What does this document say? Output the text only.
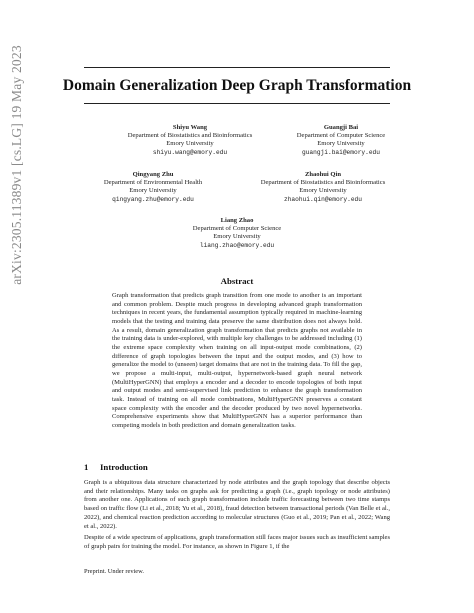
arXiv:2305.11389v1 [cs.LG] 19 May 2023	Domain Generalization Deep Graph Transformation
Shiyu Wang
Department of Biostatistics and Bioinformatics
Emory University
shiyu.wang@emory.edu
Guangji Bai
Department of Computer Science
Emory University
guangji.bai@emory.edu
Qingyang Zhu
Department of Environmental Health
Emory University
qingyang.zhu@emory.edu
Zhaohui Qin
Department of Biostatistics and Bioinformatics
Emory University
zhaohui.qin@emory.edu
Liang Zhao
Department of Computer Science
Emory University
liang.zhao@emory.edu
Abstract

Graph transformation that predicts graph transition from one mode to another is an important and common problem. Despite much progress in developing advanced graph transformation techniques in recent years, the fundamental assumption typically required in machine-learning models that the testing and training data preserve the same distribution does not always hold. As a result, domain generalization graph transformation that predicts graphs not available in the training data is under-explored, with multiple key challenges to be addressed including (1) the extreme space complexity when training on all input-output mode combinations, (2) difference of graph topologies between the input and the output modes, and (3) how to generalize the model to (unseen) target domains that are not in the training data. To fill the gap, we propose a multi-input, multi-output, hypernetwork-based graph neural network (MultiHyperGNN) that employs a encoder and a decoder to encode topologies of both input and output modes and semi-supervised link prediction to enhance the graph transformation task. Instead of training on all mode combinations, MultiHyperGNN preserves a constant space complexity with the encoder and the decoder produced by two novel hypernetworks. Comprehensive experiments show that MultiHyperGNN has a superior performance than competing models in both prediction and domain generalization tasks.

1 Introduction

Graph is a ubiquitous data structure characterized by node attributes and the graph topology that describe objects and their relationships. Many tasks on graphs ask for predicting a graph (i.e., graph topology or node attributes) from another one. Applications of such graph transformation include traffic forecasting between two time stamps based on traffic flow (Li et al., 2018; Yu et al., 2018), fraud detection between transactional periods (Van Belle et al., 2022), and chemical reaction prediction according to molecular structures (Guo et al., 2019; Pan et al., 2022; Wang et al., 2022).

Despite of a wide spectrum of applications, graph transformation still faces major issues such as insufficient samples of graph pairs for training the model. For instance, as shown in Figure 1, if the

Preprint. Under review.
